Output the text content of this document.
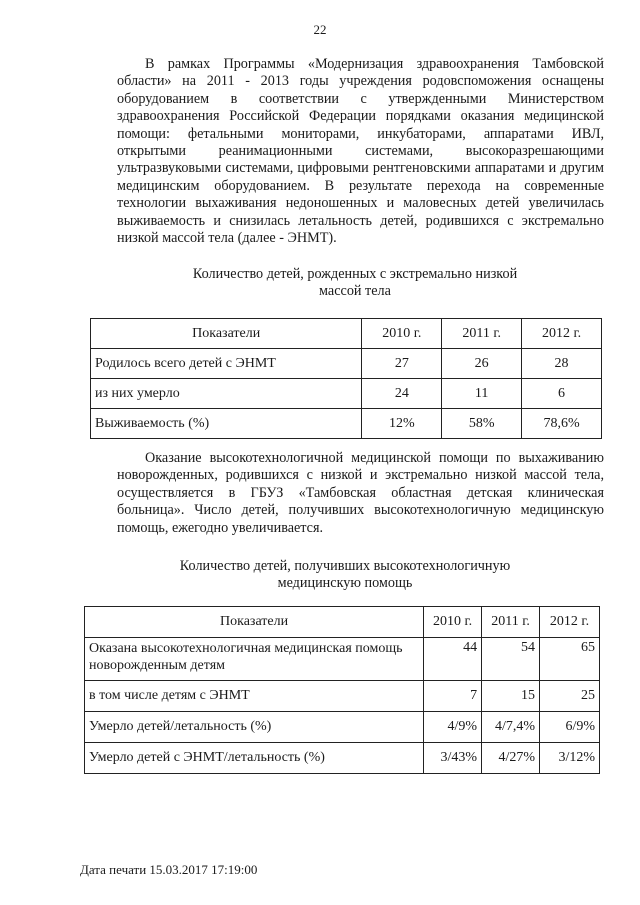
22

В рамках Программы «Модернизация здравоохранения Тамбовской области» на 2011 - 2013 годы учреждения родовспоможения оснащены оборудованием в соответствии с утвержденными Министерством здравоохранения Российской Федерации порядками оказания медицинской помощи: фетальными мониторами, инкубаторами, аппаратами ИВЛ, открытыми реанимационными системами, высокоразрешающими ультразвуковыми системами, цифровыми рентгеновскими аппаратами и другим медицинским оборудованием. В результате перехода на современные технологии выхаживания недоношенных и маловесных детей увеличилась выживаемость и снизилась летальность детей, родившихся с экстремально низкой массой тела (далее - ЭНМТ).

Количество детей, рожденных с экстремально низкой
массой тела
Показатели	2010 г.	2011 г.	2012 г.
Родилось всего детей с ЭНМТ	27	26	28
из них умерло	24	11	6
Выживаемость (%)	12%	58%	78,6%

Оказание высокотехнологичной медицинской помощи по выхаживанию новорожденных, родившихся с низкой и экстремально низкой массой тела, осуществляется в ГБУЗ «Тамбовская областная детская клиническая больница». Число детей, получивших высокотехнологичную медицинскую помощь, ежегодно увеличивается.

Количество детей, получивших высокотехнологичную
медицинскую помощь
Показатели	2010 г.	2011 г.	2012 г.
Оказана высокотехнологичная медицинская помощь новорожденным детям	44	54	65
в том числе детям с ЭНМТ	7	15	25
Умерло детей/летальность (%)	4/9%	4/7,4%	6/9%
Умерло детей с ЭНМТ/летальность (%)	3/43%	4/27%	3/12%
Дата печати 15.03.2017 17:19:00
